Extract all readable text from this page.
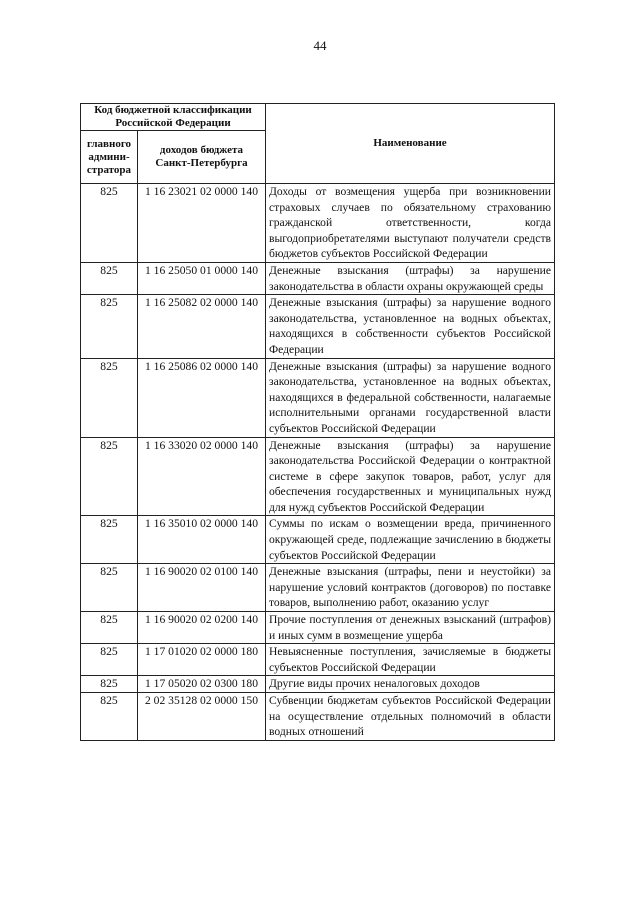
44
Код бюджетной классификации Российской Федерации		Наименование
главного админи-стратора	доходов бюджета Санкт-Петербурга	
825	1 16 23021 02 0000 140	Доходы от возмещения ущерба при возникновении страховых случаев по обязательному страхованию гражданской ответственности, когда выгодоприобретателями выступают получатели средств бюджетов субъектов Российской Федерации
825	1 16 25050 01 0000 140	Денежные взыскания (штрафы) за нарушение законодательства в области охраны окружающей среды
825	1 16 25082 02 0000 140	Денежные взыскания (штрафы) за нарушение водного законодательства, установленное на водных объектах, находящихся в собственности субъектов Российской Федерации
825	1 16 25086 02 0000 140	Денежные взыскания (штрафы) за нарушение водного законодательства, установленное на водных объектах, находящихся в федеральной собственности, налагаемые исполнительными органами государственной власти субъектов Российской Федерации
825	1 16 33020 02 0000 140	Денежные взыскания (штрафы) за нарушение законодательства Российской Федерации о контрактной системе в сфере закупок товаров, работ, услуг для обеспечения государственных и муниципальных нужд для нужд субъектов Российской Федерации
825	1 16 35010 02 0000 140	Суммы по искам о возмещении вреда, причиненного окружающей среде, подлежащие зачислению в бюджеты субъектов Российской Федерации
825	1 16 90020 02 0100 140	Денежные взыскания (штрафы, пени и неустойки) за нарушение условий контрактов (договоров) по поставке товаров, выполнению работ, оказанию услуг
825	1 16 90020 02 0200 140	Прочие поступления от денежных взысканий (штрафов) и иных сумм в возмещение ущерба
825	1 17 01020 02 0000 180	Невыясненные поступления, зачисляемые в бюджеты субъектов Российской Федерации
825	1 17 05020 02 0300 180	Другие виды прочих неналоговых доходов
825	2 02 35128 02 0000 150	Субвенции бюджетам субъектов Российской Федерации на осуществление отдельных полномочий в области водных отношений
